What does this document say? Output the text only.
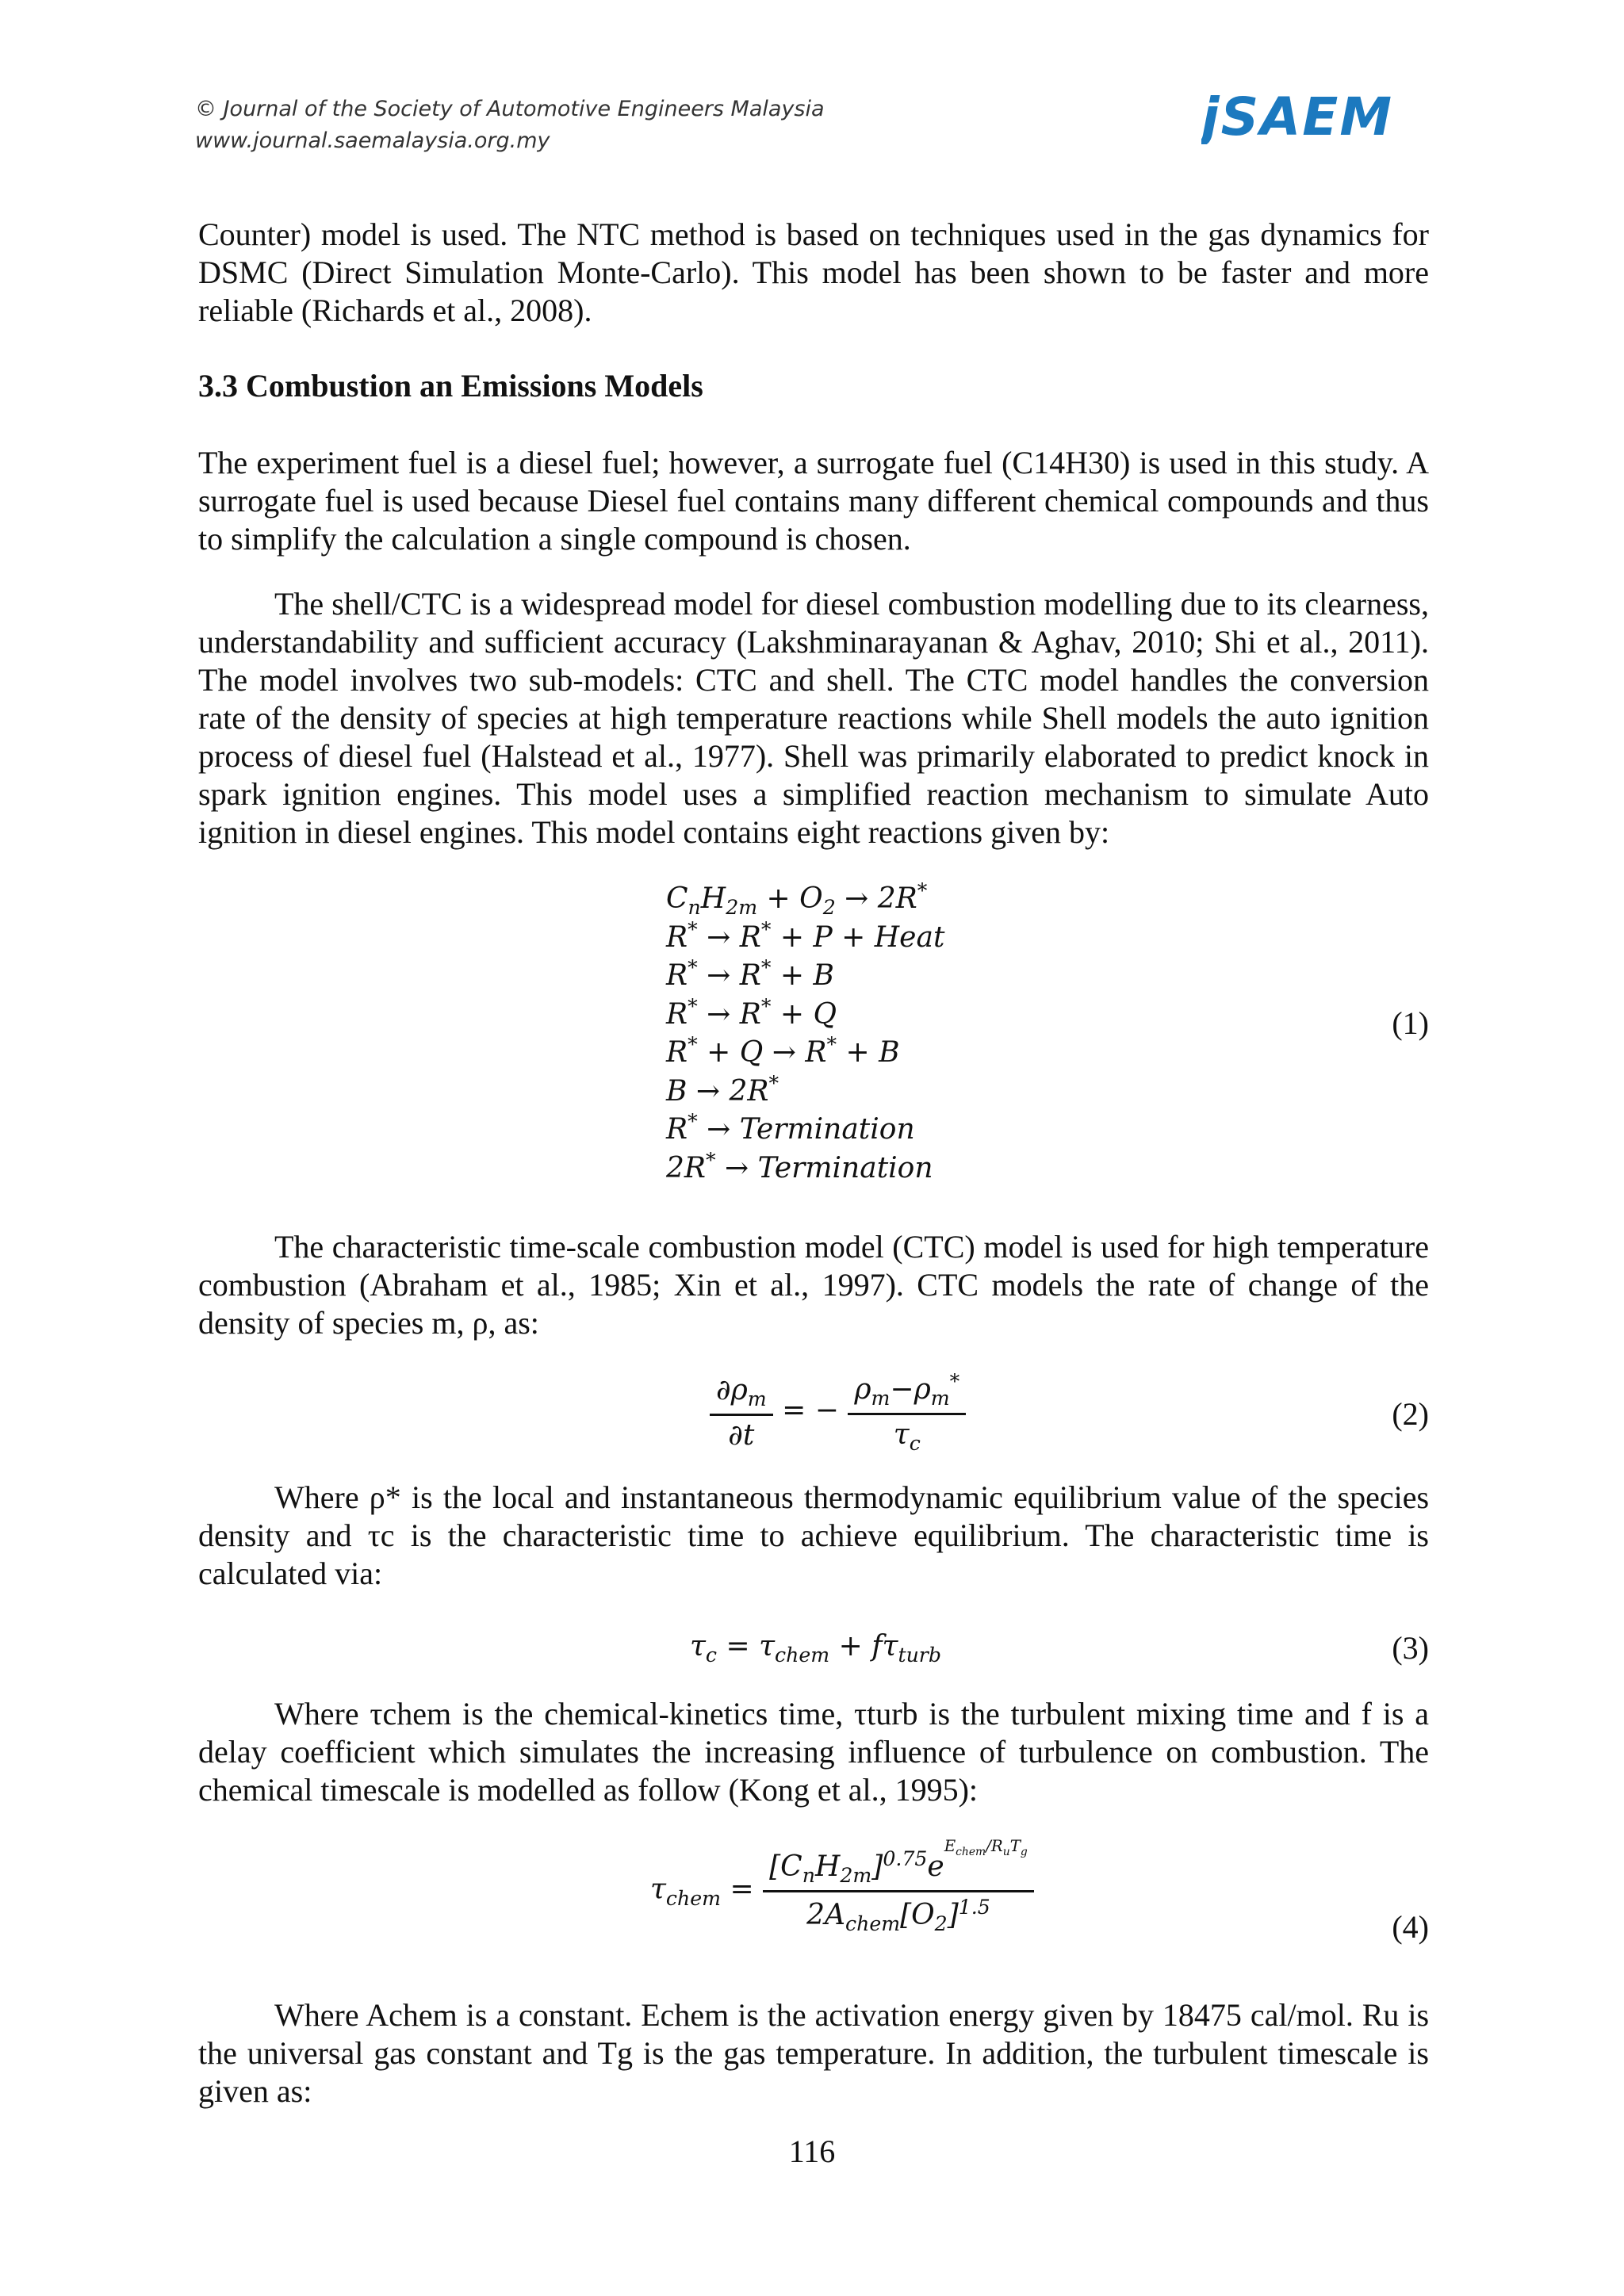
© Journal of the Society of Automotive Engineers Malaysia
www.journal.saemalaysia.org.my	jSAEM
Counter) model is used. The NTC method is based on techniques used in the gas dynamics for DSMC (Direct Simulation Monte-Carlo). This model has been shown to be faster and more reliable (Richards et al., 2008).
3.3 Combustion an Emissions Models
The experiment fuel is a diesel fuel; however, a surrogate fuel (C14H30) is used in this study. A surrogate fuel is used because Diesel fuel contains many different chemical compounds and thus to simplify the calculation a single compound is chosen.
The shell/CTC is a widespread model for diesel combustion modelling due to its clearness, understandability and sufficient accuracy (Lakshminarayanan & Aghav, 2010; Shi et al., 2011). The model involves two sub-models: CTC and shell. The CTC model handles the conversion rate of the density of species at high temperature reactions while Shell models the auto ignition process of diesel fuel (Halstead et al., 1977). Shell was primarily elaborated to predict knock in spark ignition engines. This model uses a simplified reaction mechanism to simulate Auto ignition in diesel engines. This model contains eight reactions given by:
$C_nH_{2m} + O_2 \to 2R^*$
R* → R* + P + Heat
R* → R* + B
R* → R* + Q
R* + Q → R* + B
B → 2R*
R* → Termination
2R* → Termination
(1)
The characteristic time-scale combustion model (CTC) model is used for high temperature combustion (Abraham et al., 1985; Xin et al., 1997). CTC models the rate of change of the density of species m, ρ, as:
$\frac{\partial\rho_m}{\partial t}$ = − $\frac{\rho_m-\rho_m^*}{\tau_c}$	(2)
Where ρ* is the local and instantaneous thermodynamic equilibrium value of the species density and τc is the characteristic time to achieve equilibrium. The characteristic time is calculated via:
$\tau_c = \tau_{chem} + f\tau_{turb}$	(3)
Where τchem is the chemical-kinetics time, τturb is the turbulent mixing time and f is a delay coefficient which simulates the increasing influence of turbulence on combustion. The chemical timescale is modelled as follow (Kong et al., 1995):
$\tau_{chem} = \frac{[C_nH_{2m}]^{0.75}e^{E_{chem}/R_uT_g}}{2A_{chem}[O_2]^{1.5}}$	(4)
Where Achem is a constant. Echem is the activation energy given by 18475 cal/mol. Ru is the universal gas constant and Tg is the gas temperature. In addition, the turbulent timescale is given as:
116
